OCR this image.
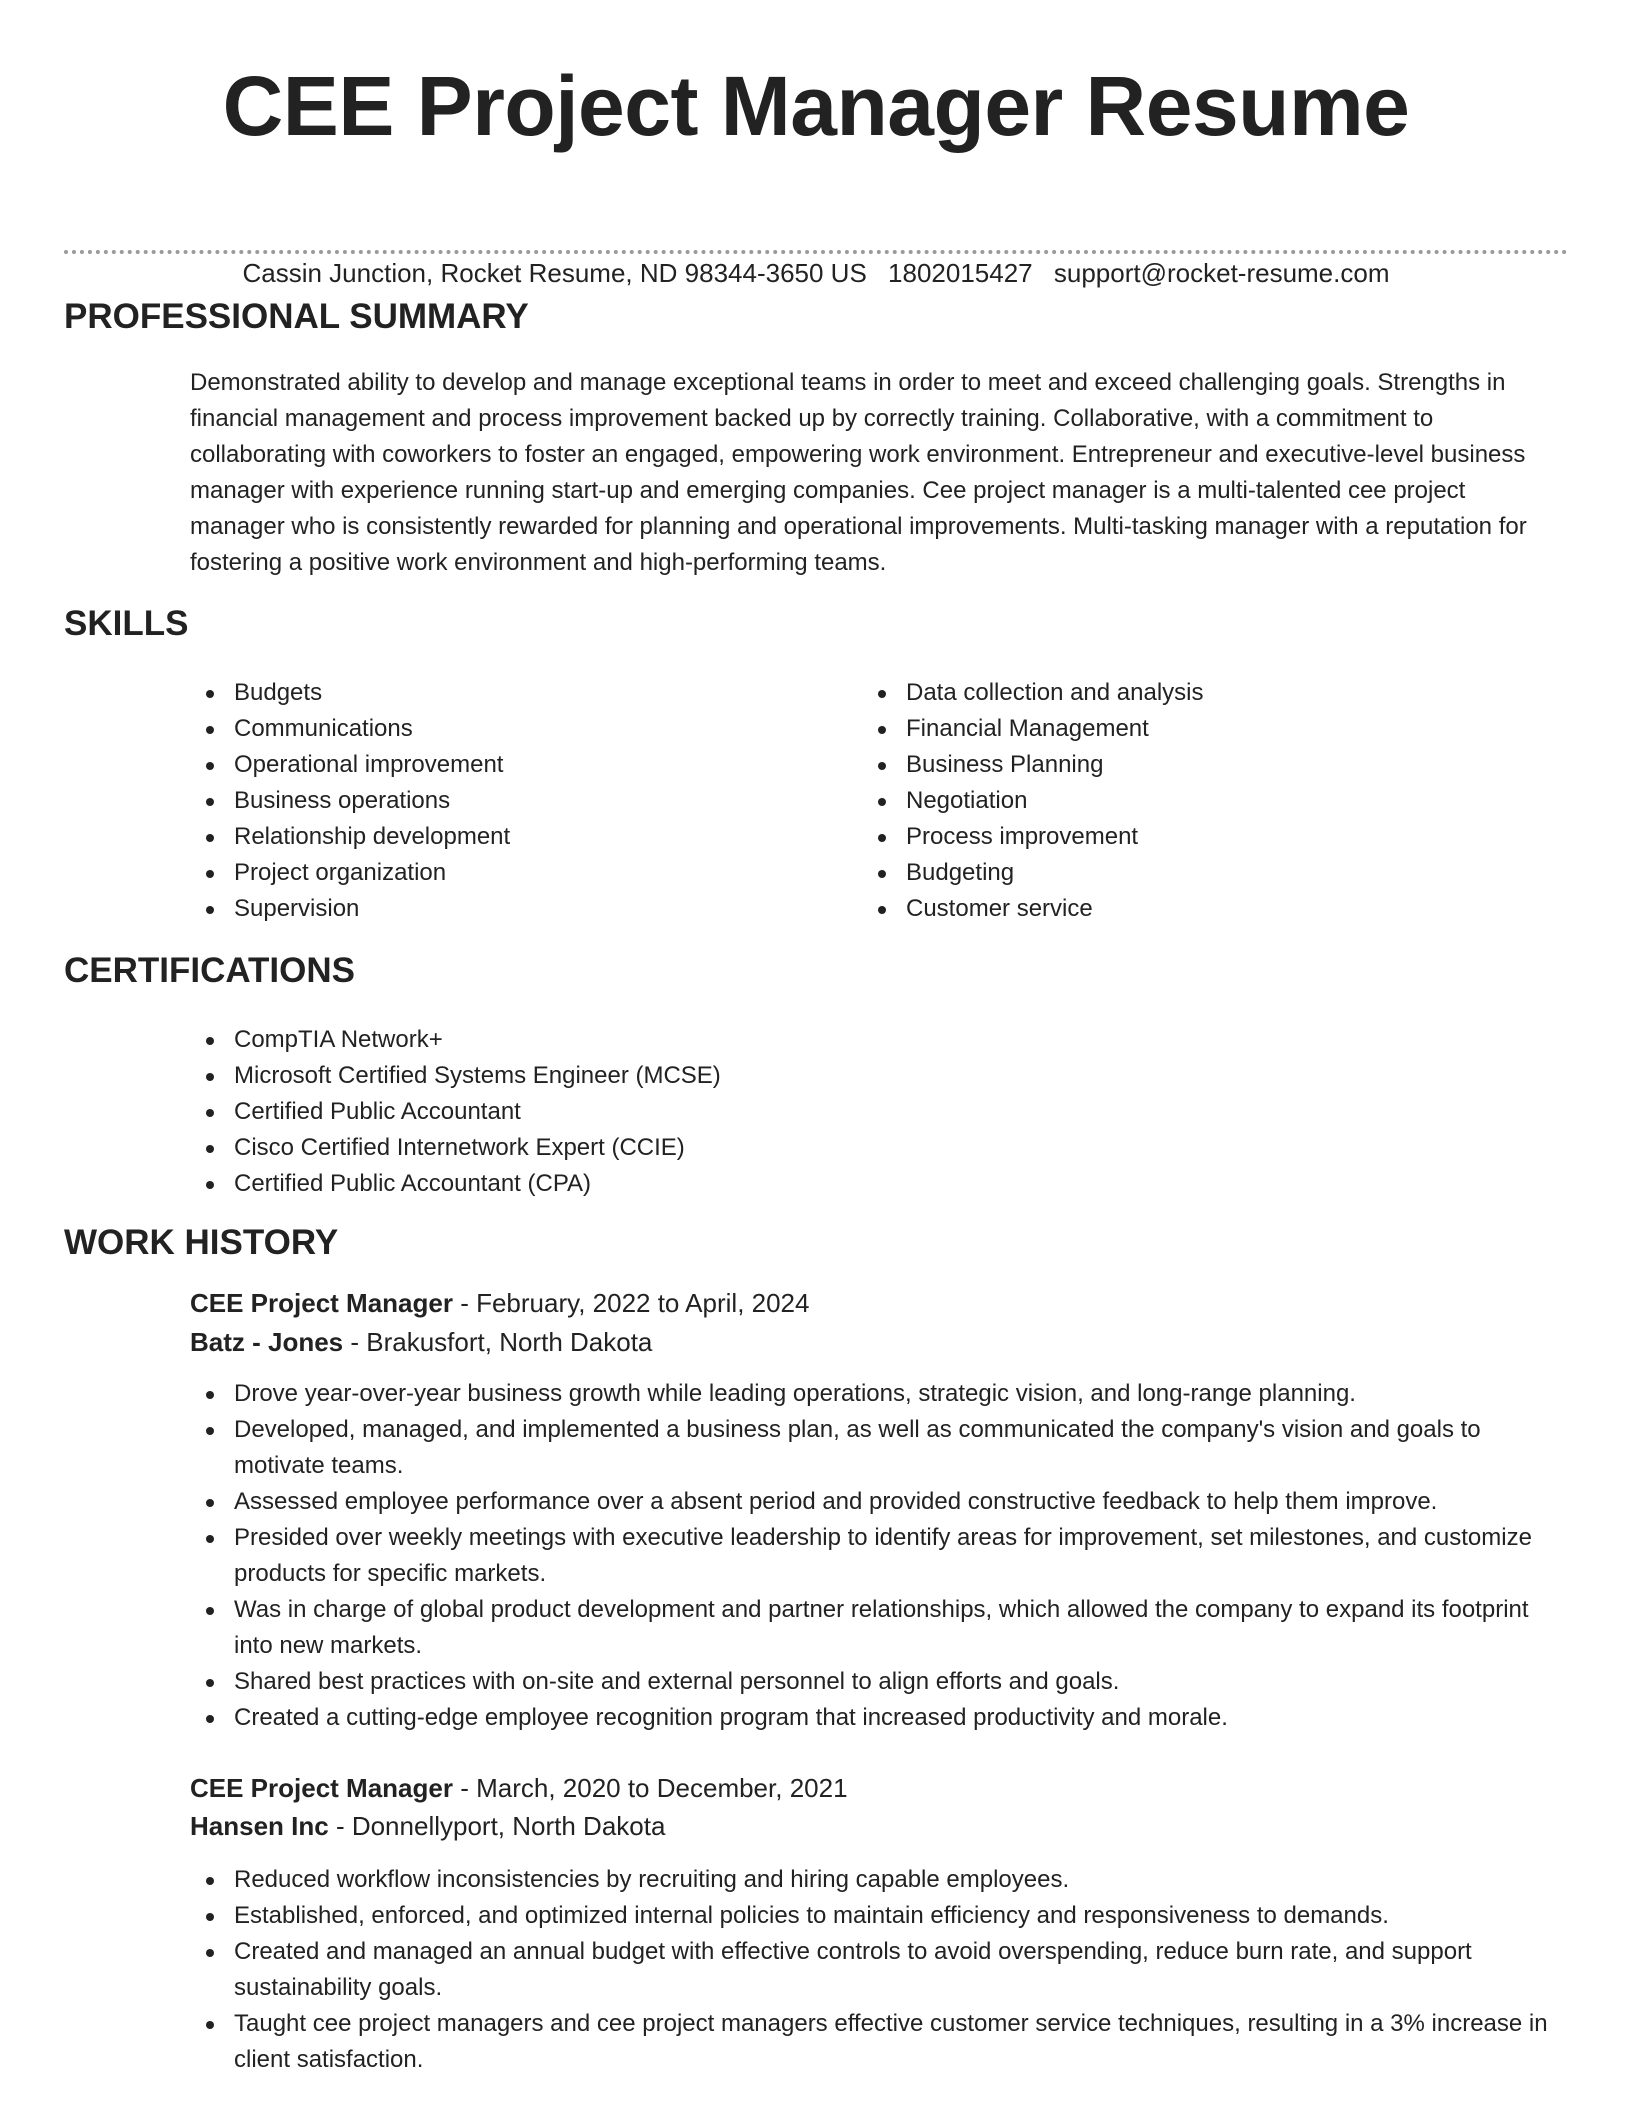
CEE Project Manager Resume
Cassin Junction, Rocket Resume, ND 98344-3650 US 1802015427 support@rocket-resume.com
PROFESSIONAL SUMMARY

Demonstrated ability to develop and manage exceptional teams in order to meet and exceed challenging goals. Strengths in financial management and process improvement backed up by correctly training. Collaborative, with a commitment to collaborating with coworkers to foster an engaged, empowering work environment. Entrepreneur and executive-level business manager with experience running start-up and emerging companies. Cee project manager is a multi-talented cee project manager who is consistently rewarded for planning and operational improvements. Multi-tasking manager with a reputation for fostering a positive work environment and high-performing teams.

SKILLS
Budgets
Communications
Operational improvement
Business operations
Relationship development
Project organization
Supervision
Data collection and analysis
Financial Management
Business Planning
Negotiation
Process improvement
Budgeting
Customer service
CERTIFICATIONS
CompTIA Network+
Microsoft Certified Systems Engineer (MCSE)
Certified Public Accountant
Cisco Certified Internetwork Expert (CCIE)
Certified Public Accountant (CPA)
WORK HISTORY
CEE Project Manager - February, 2022 to April, 2024
Batz - Jones - Brakusfort, North Dakota
Drove year-over-year business growth while leading operations, strategic vision, and long-range planning.
Developed, managed, and implemented a business plan, as well as communicated the company's vision and goals to motivate teams.
Assessed employee performance over a absent period and provided constructive feedback to help them improve.
Presided over weekly meetings with executive leadership to identify areas for improvement, set milestones, and customize products for specific markets.
Was in charge of global product development and partner relationships, which allowed the company to expand its footprint into new markets.
Shared best practices with on-site and external personnel to align efforts and goals.
Created a cutting-edge employee recognition program that increased productivity and morale.
CEE Project Manager - March, 2020 to December, 2021
Hansen Inc - Donnellyport, North Dakota
Reduced workflow inconsistencies by recruiting and hiring capable employees.
Established, enforced, and optimized internal policies to maintain efficiency and responsiveness to demands.
Created and managed an annual budget with effective controls to avoid overspending, reduce burn rate, and support sustainability goals.
Taught cee project managers and cee project managers effective customer service techniques, resulting in a 3% increase in client satisfaction.
